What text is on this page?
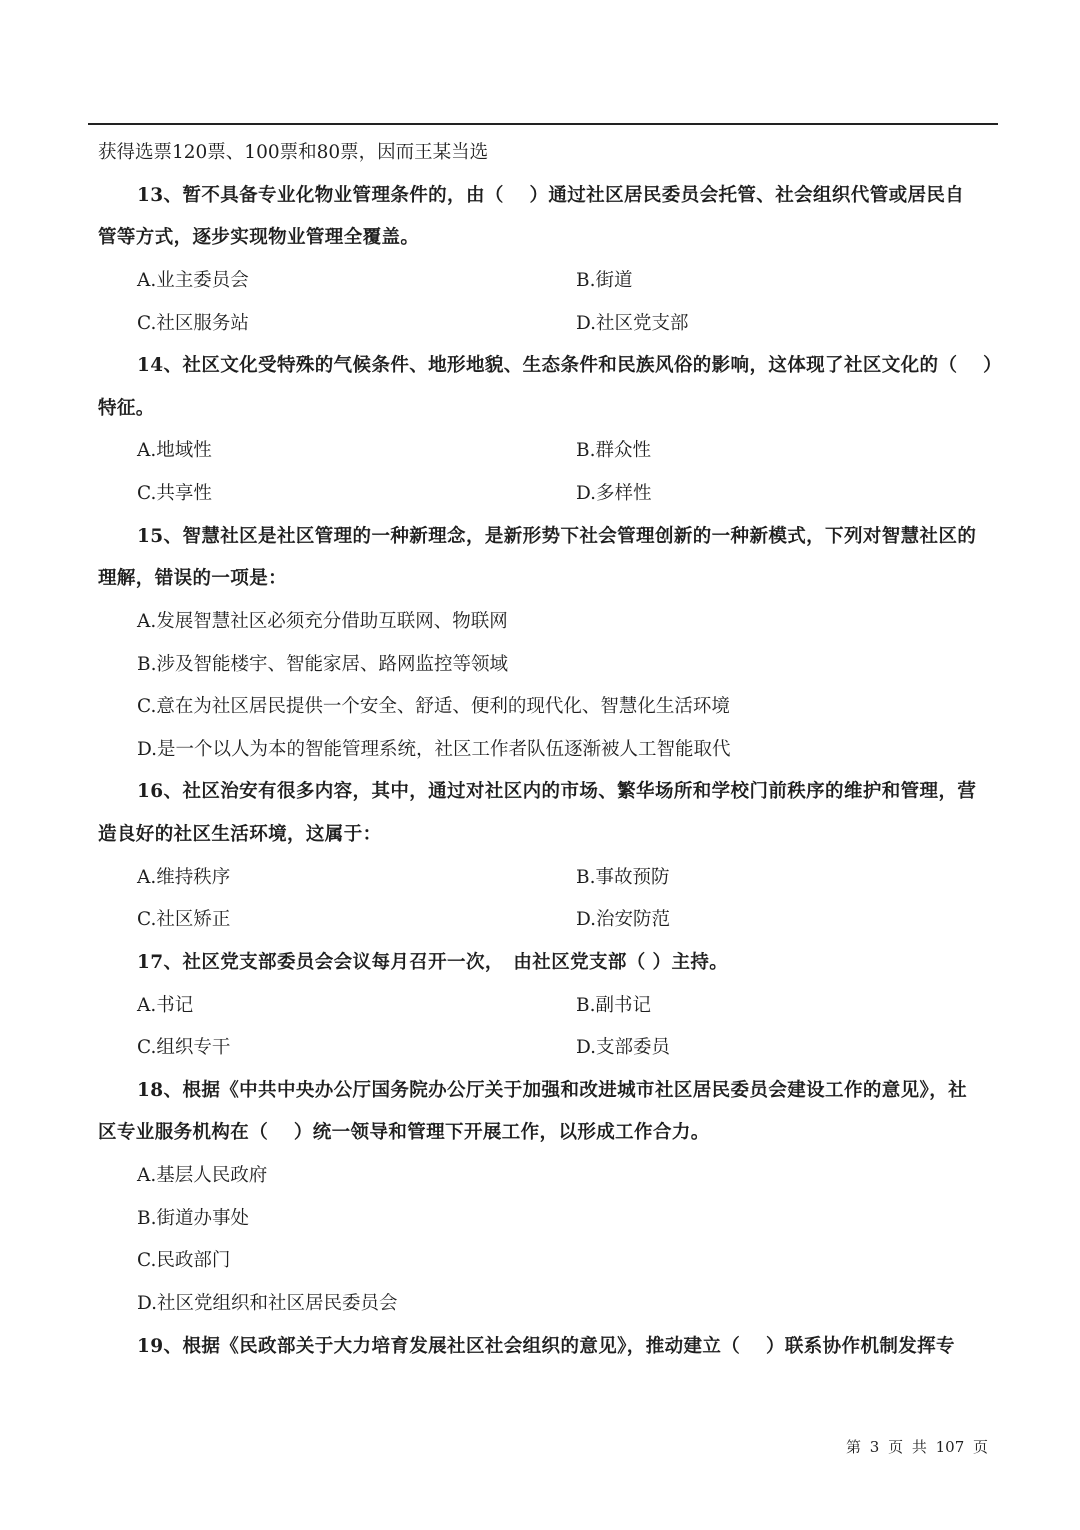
获得选票120票、100票和80票，因而王某当选
13、暂不具备专业化物业管理条件的，由（　 ）通过社区居民委员会托管、社会组织代管或居民自
管等方式，逐步实现物业管理全覆盖。
A.业主委员会	B.街道
C.社区服务站	D.社区党支部
14、社区文化受特殊的气候条件、地形地貌、生态条件和民族风俗的影响，这体现了社区文化的（　 ）
特征。
A.地域性	B.群众性
C.共享性	D.多样性
15、智慧社区是社区管理的一种新理念，是新形势下社会管理创新的一种新模式，下列对智慧社区的
理解，错误的一项是：
A.发展智慧社区必须充分借助互联网、物联网
B.涉及智能楼宇、智能家居、路网监控等领域
C.意在为社区居民提供一个安全、舒适、便利的现代化、智慧化生活环境
D.是一个以人为本的智能管理系统，社区工作者队伍逐渐被人工智能取代
16、社区治安有很多内容，其中，通过对社区内的市场、繁华场所和学校门前秩序的维护和管理，营
造良好的社区生活环境，这属于：
A.维持秩序	B.事故预防
C.社区矫正	D.治安防范
17、社区党支部委员会会议每月召开一次，　由社区党支部（ ）主持。
A.书记	B.副书记
C.组织专干	D.支部委员
18、根据《中共中央办公厅国务院办公厅关于加强和改进城市社区居民委员会建设工作的意见》，社
区专业服务机构在（　 ）统一领导和管理下开展工作，以形成工作合力。
A.基层人民政府
B.街道办事处
C.民政部门
D.社区党组织和社区居民委员会
19、根据《民政部关于大力培育发展社区社会组织的意见》，推动建立（　 ）联系协作机制发挥专
第 3 页 共 107 页
